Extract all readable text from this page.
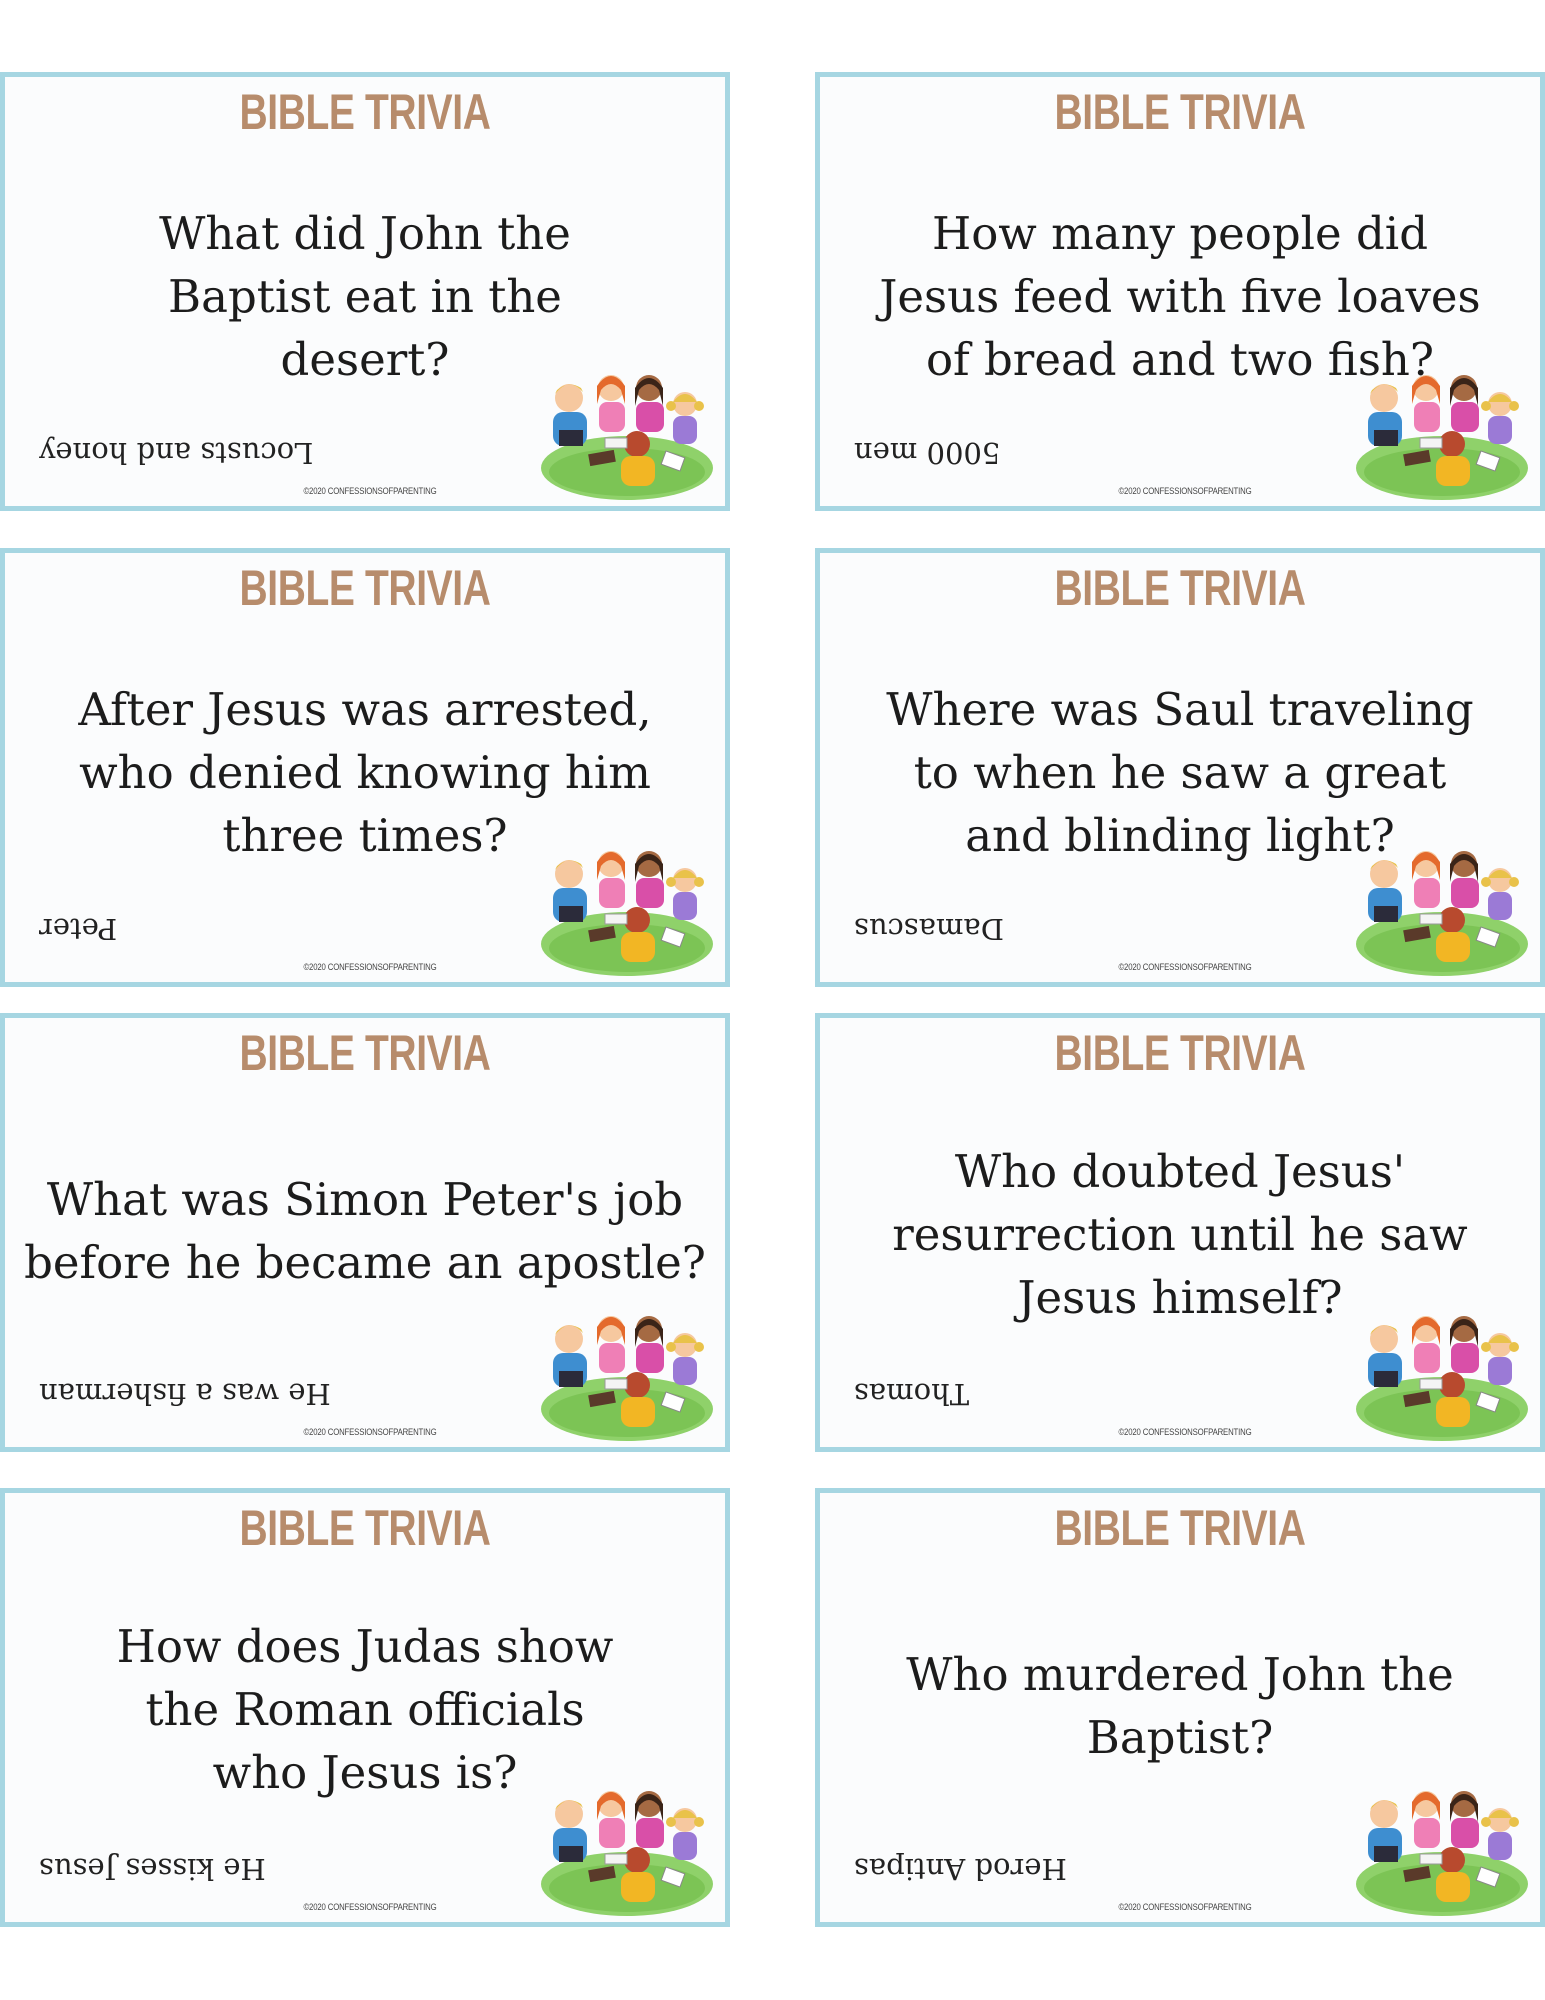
BIBLE TRIVIA
What did John the Baptist eat in the desert?
Locusts and honey
©2020 CONFESSIONSOFPARENTING
BIBLE TRIVIA
How many people did Jesus feed with five loaves of bread and two fish?
5000 men
©2020 CONFESSIONSOFPARENTING
BIBLE TRIVIA
After Jesus was arrested, who denied knowing him three times?
Peter
©2020 CONFESSIONSOFPARENTING
BIBLE TRIVIA
Where was Saul traveling to when he saw a great and blinding light?
Damascus
©2020 CONFESSIONSOFPARENTING
BIBLE TRIVIA
What was Simon Peter's job before he became an apostle?
He was a fisherman
©2020 CONFESSIONSOFPARENTING
BIBLE TRIVIA
Who doubted Jesus' resurrection until he saw Jesus himself?
Thomas
©2020 CONFESSIONSOFPARENTING
BIBLE TRIVIA
How does Judas show the Roman officials who Jesus is?
He kisses Jesus
©2020 CONFESSIONSOFPARENTING
BIBLE TRIVIA
Who murdered John the Baptist?
Herod Antipas
©2020 CONFESSIONSOFPARENTING
